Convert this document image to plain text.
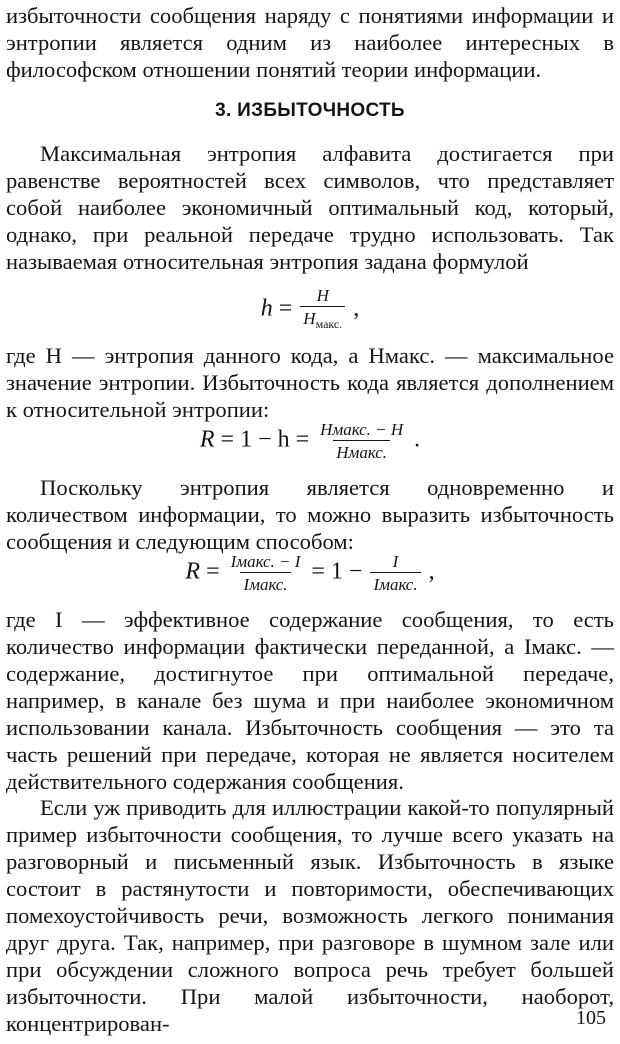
избыточности сообщения наряду с понятиями информации и энтропии является одним из наиболее интересных в философском отношении понятий теории информации.

3. ИЗБЫТОЧНОСТЬ

Максимальная энтропия алфавита достигается при равенстве вероятностей всех символов, что представляет собой наиболее экономичный оптимальный код, который, однако, при реальной передаче трудно использовать. Так называемая относительная энтропия задана формулой

$h = \frac{H}{H_{макс.}}$ ,

где H — энтропия данного кода, а Hмакс. — максимальное значение энтропии. Избыточность кода является дополнением к относительной энтропии:

$R = 1 - h = \frac{\text{Hмакс. − H}}{\text{Hмакс.}}$ .

Поскольку энтропия является одновременно и количеством информации, то можно выразить избыточность сообщения и следующим способом:

$R = \frac{\text{Iмакс. − I}}{\text{Iмакс.}} = 1 - \frac{I}{\text{Iмакс.}}$ ,

где I — эффективное содержание сообщения, то есть количество информации фактически переданной, а Iмакс. — содержание, достигнутое при оптимальной передаче, например, в канале без шума и при наиболее экономичном использовании канала. Избыточность сообщения — это та часть решений при передаче, которая не является носителем действительного содержания сообщения.

Если уж приводить для иллюстрации какой-то популярный пример избыточности сообщения, то лучше всего указать на разговорный и письменный язык. Избыточность в языке состоит в растянутости и повторимости, обеспечивающих помехоустойчивость речи, возможность легкого понимания друг друга. Так, например, при разговоре в шумном зале или при обсуждении сложного вопроса речь требует большей избыточности. При малой избыточности, наоборот, концентрирован-	105
